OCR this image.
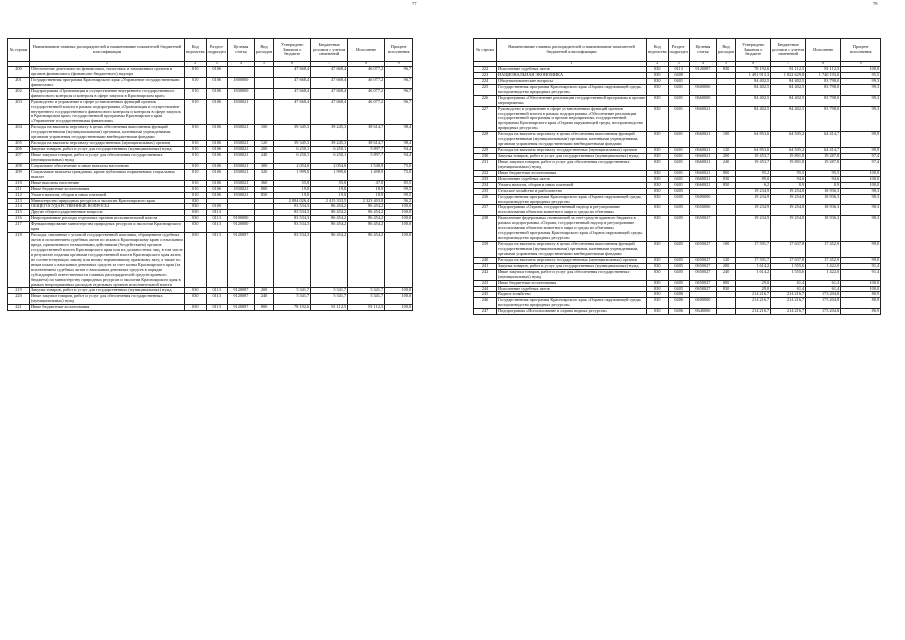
77
№ строки	Наименование главных распорядителей и наименование показателей бюджетной классификации	Код ведомства	Раздел-подраздел	Целевая статья	Вид расходов	Утверждено Законом о бюджете	Бюджетные росписи с учетом изменений	Исполнено	Процент исполнения
	1	2	3	4	5	6	7	8	9
200	Обеспечение деятельности финансовых, налоговых и таможенных органов и органов финансового (финансово-бюджетного) надзора	010	0106			47 668,4	47 668,4	46 077,2	96,7
201	Государственная программа Красноярского края «Управление государственными финансами»	010	0106	1800000		47 668,4	47 668,4	46 077,2	96,7
202	Подпрограмма «Организация и осуществление внутреннего государственного финансового контроля и контроля в сфере закупок в Красноярском крае»	010	0106	1830000		47 668,4	47 668,4	46 077,2	96,7
203	Руководство и управление в сфере установленных функций органов государственной власти в рамках подпрограммы «Организация и осуществление внутреннего государственного финансового контроля и контроля в сфере закупок в Красноярском крае» государственной программы Красноярского края «Управление государственными финансами»	010	0106	1830021		47 668,4	47 668,4	46 077,2	96,7
204	Расходы на выплаты персоналу в целях обеспечения выполнения функций государственными (муниципальными) органами, казенными учреждениями, органами управления государственными внебюджетными фондами	010	0106	1830021	100	39 345,3	39 245,3	38 614,7	98,4
205	Расходы на выплаты персоналу государственных (муниципальных) органов	010	0106	1830021	120	39 345,3	39 245,3	38 614,7	98,4
206	Закупка товаров, работ и услуг для государственных (муниципальных) нужд	010	0106	1830021	200	6 250,1	6 250,1	5 897,7	94,4
207	Иные закупки товаров, работ и услуг для обеспечения государственных (муниципальных) нужд	010	0106	1830021	240	6 250,1	6 250,1	5 897,7	94,4
208	Социальное обеспечение и иные выплаты населению	010	0106	1830021	300	2 054,0	2 054,0	1 540,9	75,0
209	Социальные выплаты гражданам, кроме публичных нормативных социальных выплат	010	0106	1830021	320	1 999,0	1 999,0	1 498,9	75,0
210	Иные выплаты населению	010	0106	1830021	360	55,0	55,0	47,0	85,5
211	Иные бюджетные ассигнования	010	0106	1830021	800	19,0	19,0	18,9	99,5
212	Уплата налогов, сборов и иных платежей	010	0106	1830021	850	19,0	19,0	18,9	99,5
213	Министерство природных ресурсов и экологии Красноярского края	030				2 084 026,4	2 415 333,5	2 323 403,8	96,2
214	ОБЩЕГОСУДАРСТВЕННЫЕ ВОПРОСЫ	030	0100			83 534,3	86 454,2	86 454,2	100,0
215	Другие общегосударственные вопросы	030	0113			83 534,3	86 454,2	86 454,2	100,0
216	Непрограммные расходы отдельных органов исполнительной власти	030	0113	9100000		83 534,3	86 454,2	86 454,2	100,0
217	Функционирование министерства природных ресурсов и экологии Красноярского края	030	0113	9120000		83 534,3	86 454,2	86 454,2	100,0
218	Расходы, связанные с уплатой государственной пошлины, обращением судебных актов и исполнением судебных актов по искам к Красноярскому краю о взыскании вреда, причиненного незаконными действиями (бездействием) органов государственной власти Красноярского края или их должностных лиц, в том числе в результате издания органами государственной власти Красноярского края актов, не соответствующих закону или иному нормативному правовому акту, а также по иным искам о взыскании денежных средств за счет казны Красноярского края (за исключением судебных актов о взыскании денежных средств в порядке субсидиарной ответственности главных распорядителей средств краевого бюджета) по министерству природных ресурсов и экологии Красноярского края в рамках непрограммных расходов отдельных органов исполнительной власти	030	0113	9120087		83 534,3	86 454,2	86 454,2	100,0
219	Закупка товаров, работ и услуг для государственных (муниципальных) нужд	030	0113	9120087	200	5 341,7	5 341,7	5 341,7	100,0
220	Иные закупки товаров, работ и услуг для обеспечения государственных (муниципальных) нужд	030	0113	9120087	240	5 341,7	5 341,7	5 341,7	100,0
221	Иные бюджетные ассигнования	030	0113	9120087	800	78 192,6	81 112,5	81 112,5	100,0
78
№ строки	Наименование главных распорядителей и наименование показателей бюджетной классификации	Код ведомства	Раздел-подраздел	Целевая статья	Вид расходов	Утверждено Законом о бюджете	Бюджетные росписи с учетом изменений	Исполнено	Процент исполнения
	1	2	3	4	5	6	7	8	9
222	Исполнение судебных актов	030	0113	9120087	830	78 192,6	81 112,5	81 112,5	100,0
223	НАЦИОНАЛЬНАЯ ЭКОНОМИКА	030	0400			1 491 913,3	1 822 629,8	1 740 193,0	95,5
224	Общеэкономические вопросы	030	0401			84 402,5	84 402,5	83 798,0	99,3
225	Государственная программа Красноярского края «Охрана окружающей среды, воспроизводство природных ресурсов»	030	0401	0600000		84 402,5	84 402,5	83 798,0	99,3
226	Подпрограмма «Обеспечение реализации государственной программы и прочие мероприятия»	030	0401	0660000		84 402,5	84 402,5	83 798,0	99,3
227	Руководство и управление в сфере установленных функций органов государственной власти в рамках подпрограммы «Обеспечение реализации государственной программы и прочие мероприятия» государственной программы Красноярского края «Охрана окружающей среды, воспроизводство природных ресурсов»	030	0401	0660021		84 402,5	84 402,5	83 798,0	99,3
228	Расходы на выплаты персоналу в целях обеспечения выполнения функций государственными (муниципальными) органами, казенными учреждениями, органами управления государственными внебюджетными фондами	030	0401	0660021	100	64 853,6	64 505,2	64 414,7	99,9
229	Расходы на выплаты персоналу государственных (муниципальных) органов	030	0401	0660021	120	64 853,6	64 505,2	64 414,7	99,9
230	Закупка товаров, работ и услуг для государственных (муниципальных) нужд	030	0401	0660021	200	19 453,7	19 801,8	19 287,8	97,4
231	Иные закупки товаров, работ и услуг для обеспечения государственных (муниципальных) нужд	030	0401	0660021	240	19 453,7	19 801,8	19 287,8	97,4
232	Иные бюджетные ассигнования	030	0401	0660021	800	95,2	95,5	95,5	100,0
233	Исполнение судебных актов	030	0401	0660021	830	89,0	94,6	94,6	100,0
234	Уплата налогов, сборов и иных платежей	030	0401	0660021	850	6,2	0,9	0,9	100,0
235	Сельское хозяйство и рыболовство	030	0405			19 234,9	19 254,8	18 936,3	98,3
236	Государственная программа Красноярского края «Охрана окружающей среды, воспроизводство природных ресурсов»	030	0405	0600000		19 234,9	19 254,8	18 936,3	98,3
237	Подпрограмма «Охрана, государственный надзор и регулирование использования объектов животного мира и среды их обитания»	030	0405	0650000		19 234,9	19 254,8	18 936,3	98,3
238	Выполнение федеральных полномочий за счет средств краевого бюджета в рамках подпрограммы «Охрана, государственный надзор и регулирование использования объектов животного мира и среды их обитания» государственной программы Красноярского края «Охрана окружающей среды, воспроизводство природных ресурсов»	030	0405	0650027		19 234,9	19 254,8	18 936,3	98,3
239	Расходы на выплаты персоналу в целях обеспечения выполнения функций государственными (муниципальными) органами, казенными учреждениями, органами управления государственными внебюджетными фондами	030	0405	0650027	100	17 591,7	17 637,8	17 452,9	99,0
240	Расходы на выплаты персоналу государственных (муниципальных) органов	030	0405	0650027	120	17 591,7	17 637,8	17 452,9	99,0
241	Закупка товаров, работ и услуг для государственных (муниципальных) нужд	030	0405	0650027	200	1 614,2	1 555,6	1 422,0	91,4
242	Иные закупки товаров, работ и услуг для обеспечения государственных (муниципальных) нужд	030	0405	0650027	240	1 614,2	1 555,6	1 422,0	91,4
243	Иные бюджетные ассигнования	030	0405	0650027	800	29,0	61,4	61,4	100,0
244	Исполнение судебных актов	030	0405	0650027	830	29,0	61,4	61,4	100,0
245	Водное хозяйство	030	0406			214 216,7	214 216,7	173 204,8	80,9
246	Государственная программа Красноярского края «Охрана окружающей среды, воспроизводство природных ресурсов»	030	0406	0600000		214 216,7	214 216,7	173 204,8	80,9
247	Подпрограмма «Использование и охрана водных ресурсов»	030	0406	0640000		214 216,7	214 216,7	173 204,8	80,9
